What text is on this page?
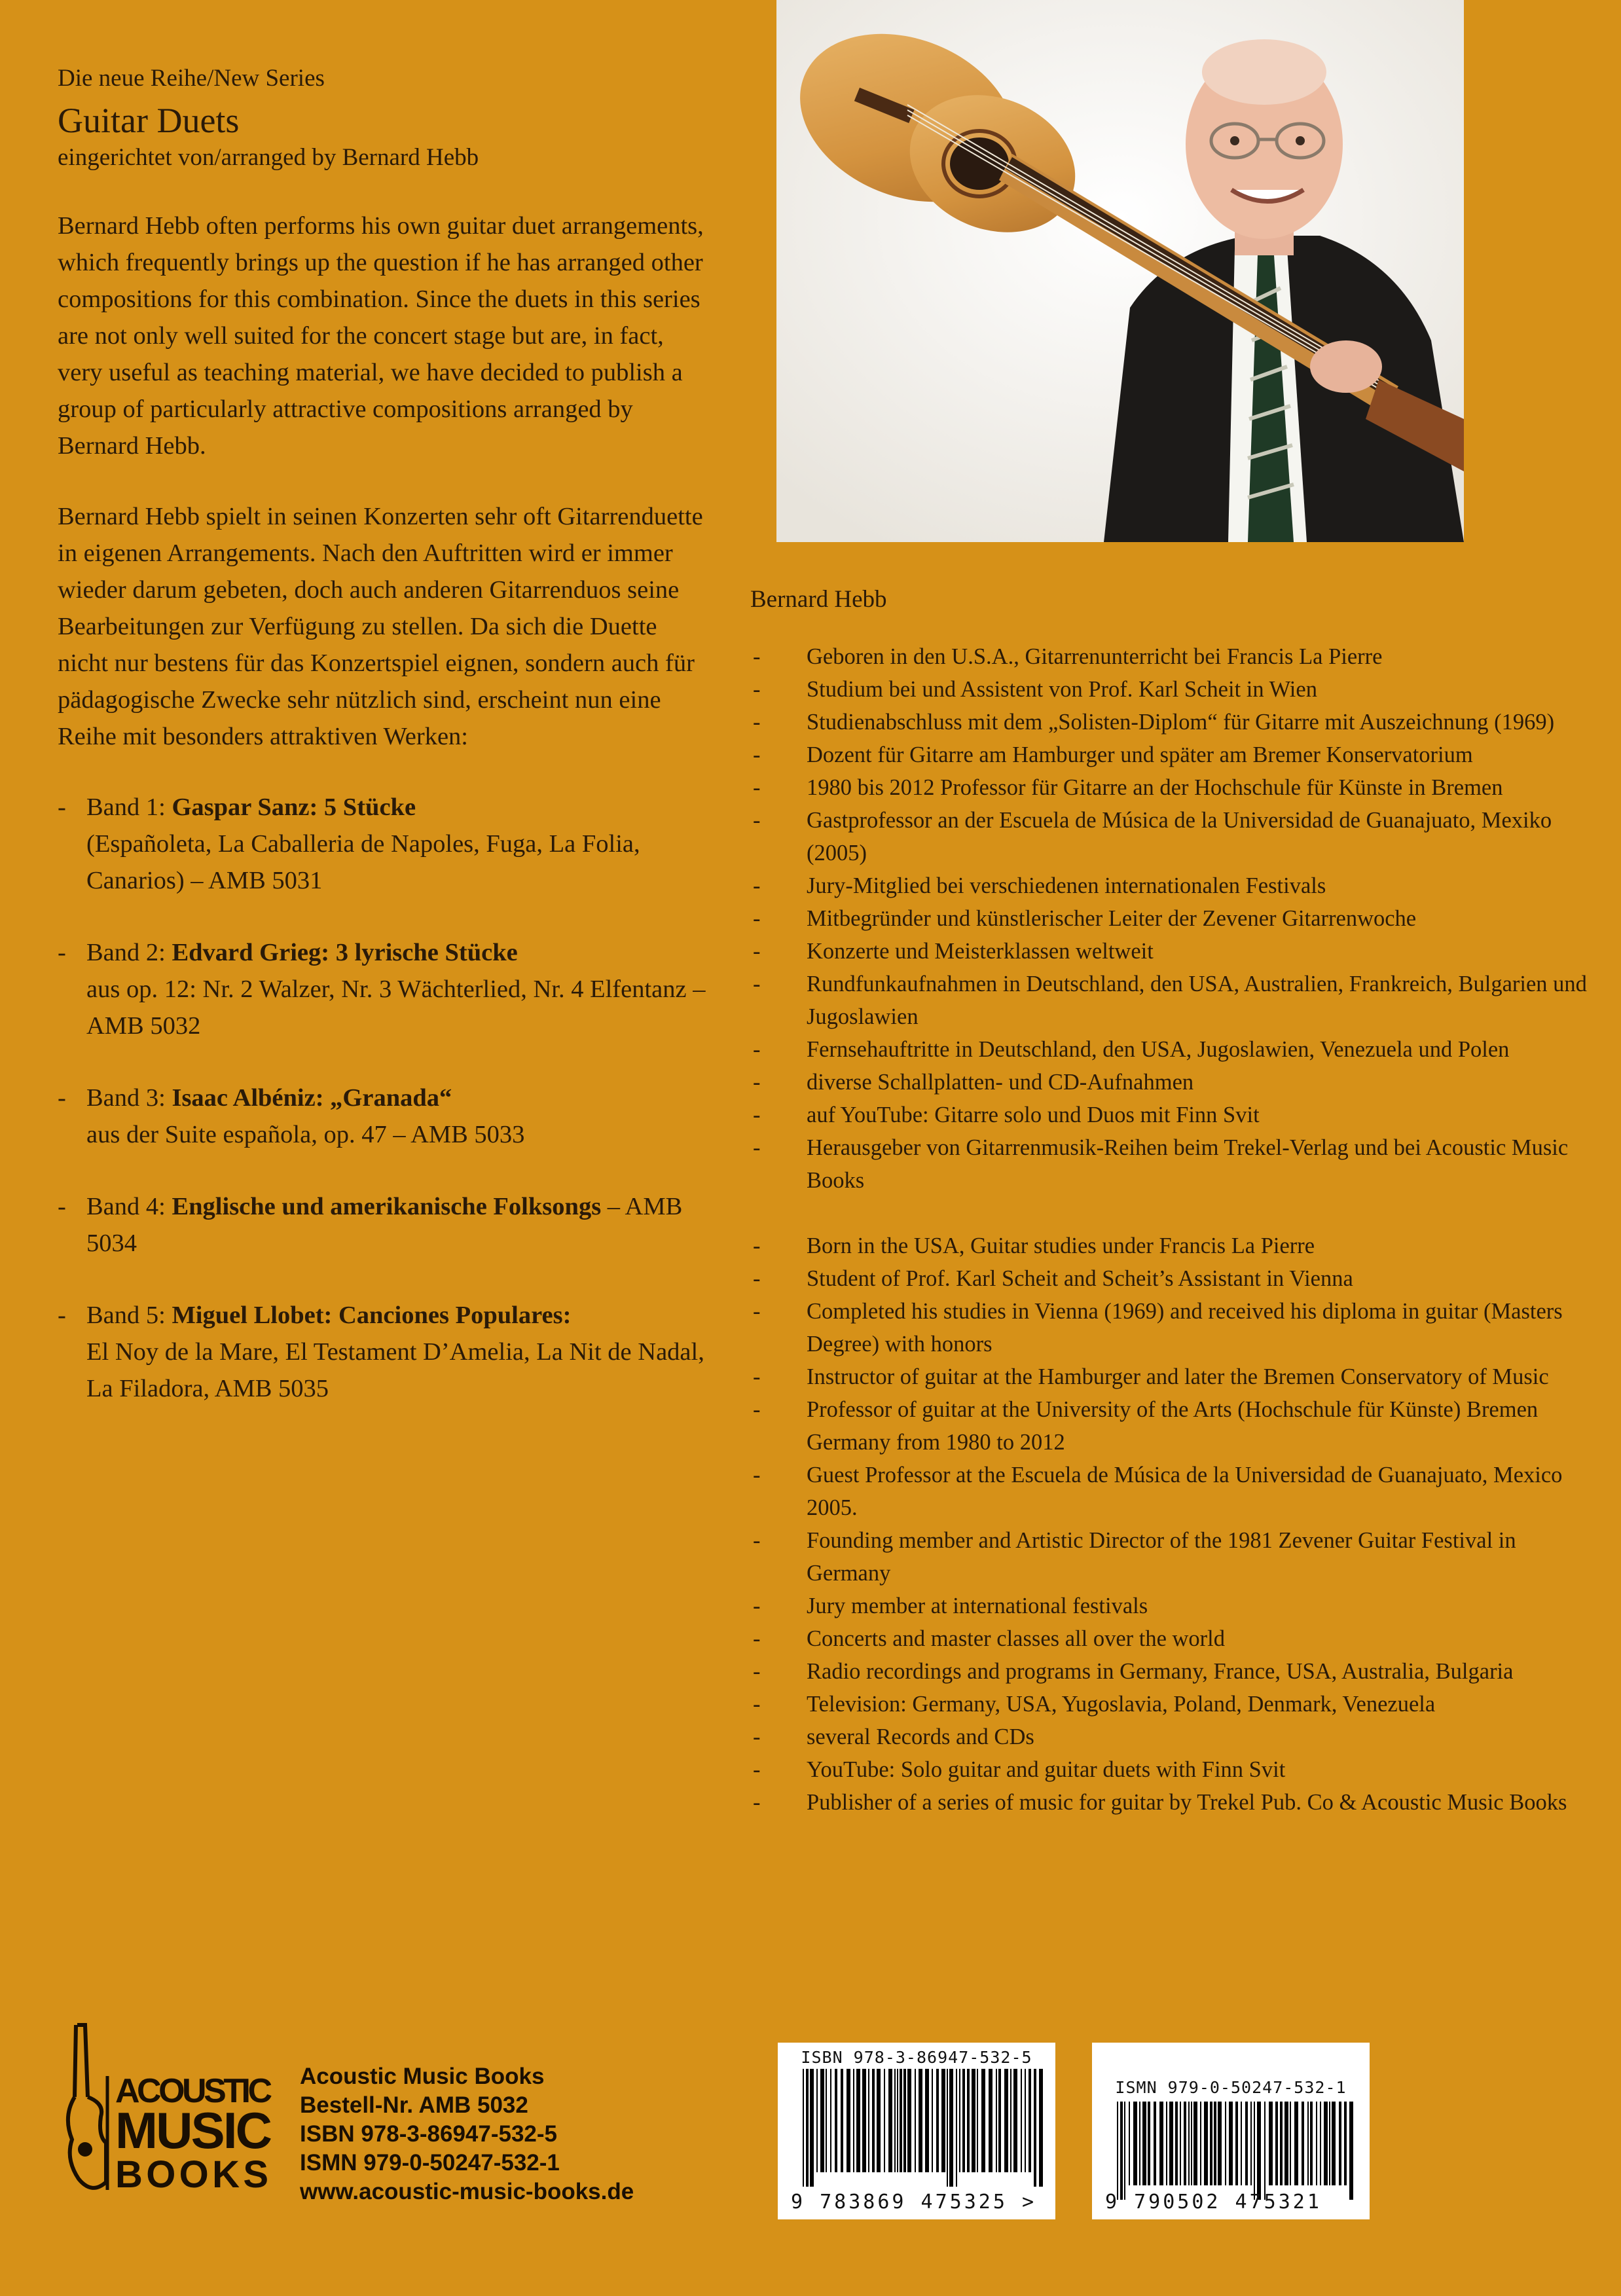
Die neue Reihe/New Series
Guitar Duets
eingerichtet von/arranged by Bernard Hebb
Bernard Hebb often performs his own guitar duet arrangements, which frequently brings up the question if he has arranged other compositions for this combination. Since the duets in this series are not only well suited for the concert stage but are, in fact, very useful as teaching material, we have decided to publish a group of particularly attractive compositions arranged by Bernard Hebb.
Bernard Hebb spielt in seinen Konzerten sehr oft Gitarrenduette in eigenen Arrangements. Nach den Auftritten wird er immer wieder darum gebeten, doch auch anderen Gitarrenduos seine Bearbeitungen zur Verfügung zu stellen. Da sich die Duette nicht nur bestens für das Konzertspiel eignen, sondern auch für pädagogische Zwecke sehr nützlich sind, erscheint nun eine Reihe mit besonders attraktiven Werken:
- Band 1: Gaspar Sanz: 5 Stücke
(Españoleta, La Caballeria de Napoles, Fuga, La Folia, Canarios) – AMB 5031
- Band 2: Edvard Grieg: 3 lyrische Stücke
aus op. 12: Nr. 2 Walzer, Nr. 3 Wächterlied, Nr. 4 Elfentanz – AMB 5032
- Band 3: Isaac Albéniz: „Granada“
aus der Suite española, op. 47 – AMB 5033
- Band 4: Englische und amerikanische Folksongs – AMB 5034
- Band 5: Miguel Llobet: Canciones Populares:
El Noy de la Mare, El Testament D’Amelia, La Nit de Nadal, La Filadora, AMB 5035
Bernard Hebb
-	Geboren in den U.S.A., Gitarrenunterricht bei Francis La Pierre
-	Studium bei und Assistent von Prof. Karl Scheit in Wien
-	Studienabschluss mit dem „Solisten-Diplom“ für Gitarre mit Auszeichnung (1969)
-	Dozent für Gitarre am Hamburger und später am Bremer Konservatorium
-	1980 bis 2012 Professor für Gitarre an der Hochschule für Künste in Bremen
-	Gastprofessor an der Escuela de Música de la Universidad de Guanajuato, Mexiko (2005)
-	Jury-Mitglied bei verschiedenen internationalen Festivals
-	Mitbegründer und künstlerischer Leiter der Zevener Gitarrenwoche
-	Konzerte und Meisterklassen weltweit
-	Rundfunkaufnahmen in Deutschland, den USA, Australien, Frankreich, Bulgarien und Jugoslawien
-	Fernsehauftritte in Deutschland, den USA, Jugoslawien, Venezuela und Polen
-	diverse Schallplatten- und CD-Aufnahmen
-	auf YouTube: Gitarre solo und Duos mit Finn Svit
-	Herausgeber von Gitarrenmusik-Reihen beim Trekel-Verlag und bei Acoustic Music Books
-	Born in the USA, Guitar studies under Francis La Pierre
-	Student of Prof. Karl Scheit and Scheit’s Assistant in Vienna
-	Completed his studies in Vienna (1969) and received his diploma in guitar (Masters Degree) with honors
-	Instructor of guitar at the Hamburger and later the Bremen Conservatory of Music
-	Professor of guitar at the University of the Arts (Hochschule für Künste) Bremen Germany from 1980 to 2012
-	Guest Professor at the Escuela de Música de la Universidad de Guanajuato, Mexico 2005.
-	Founding member and Artistic Director of the 1981 Zevener Guitar Festival in Germany
-	Jury member at international festivals
-	Concerts and master classes all over the world
-	Radio recordings and programs in Germany, France, USA, Australia, Bulgaria
-	Television: Germany, USA, Yugoslavia, Poland, Denmark, Venezuela
-	several Records and CDs
-	YouTube: Solo guitar and guitar duets with Finn Svit
-	Publisher of a series of music for guitar by Trekel Pub. Co & Acoustic Music Books
ACOUSTIC
MUSIC
BOOKS
Acoustic Music Books
Bestell-Nr. AMB 5032
ISBN 978-3-86947-532-5
ISMN 979-0-50247-532-1
www.acoustic-music-books.de
ISBN 978-3-86947-532-5
9 783869 475325 >
ISMN 979-0-50247-532-1
9 790502 475321
